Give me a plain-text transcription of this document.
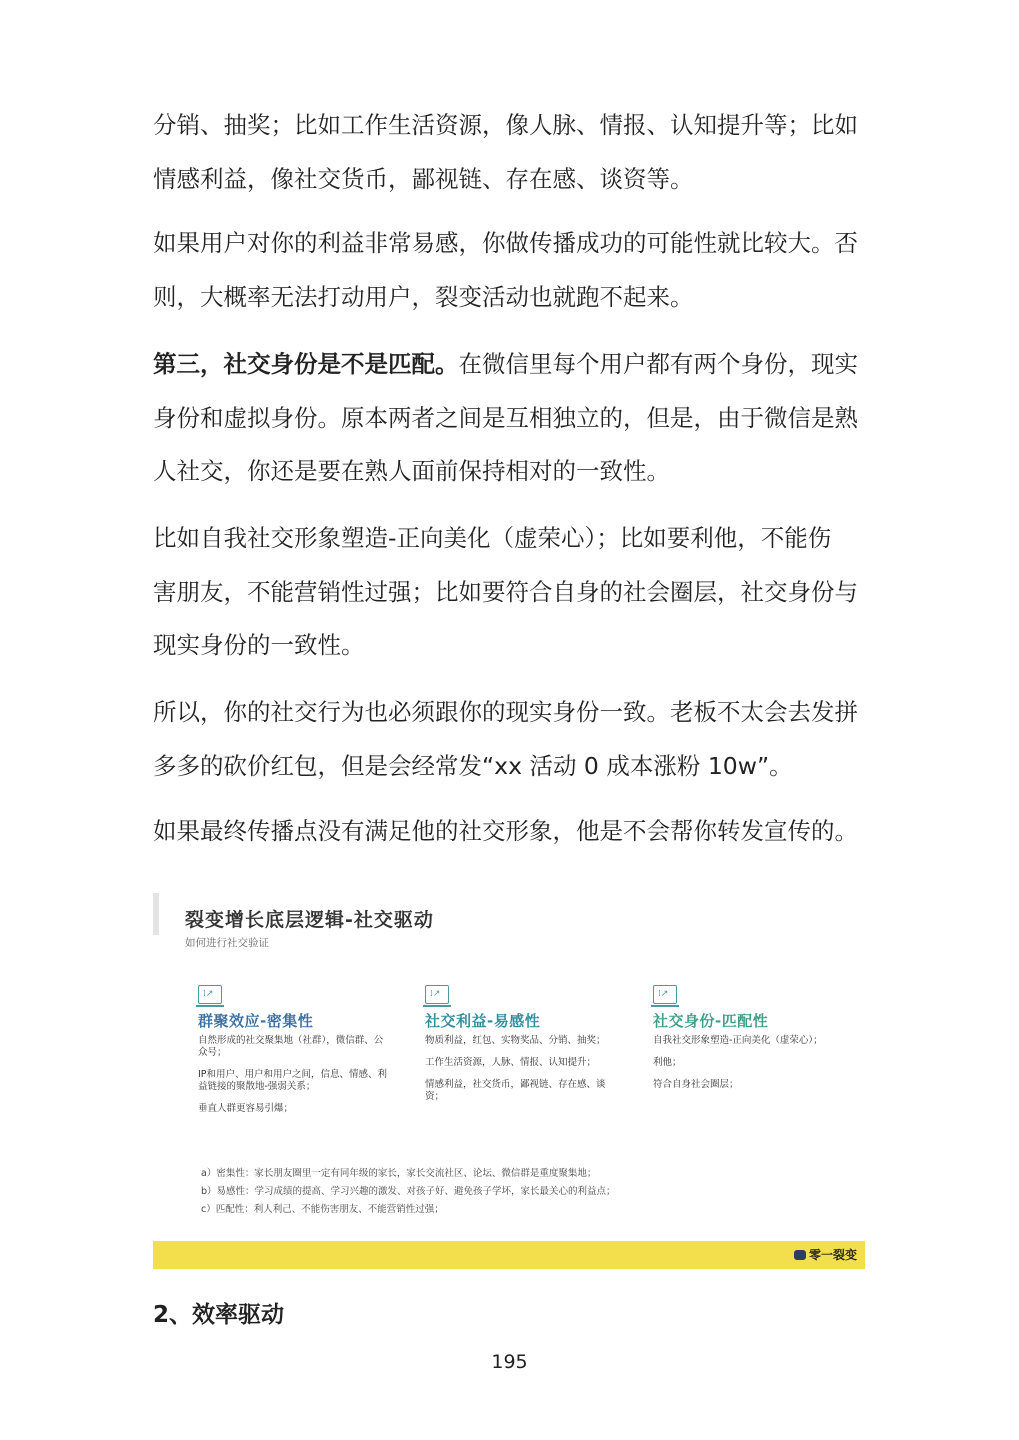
分销、抽奖；比如工作生活资源，像人脉、情报、认知提升等；比如
情感利益，像社交货币，鄙视链、存在感、谈资等。
如果用户对你的利益非常易感，你做传播成功的可能性就比较大。否
则，大概率无法打动用户，裂变活动也就跑不起来。
第三，社交身份是不是匹配。在微信里每个用户都有两个身份，现实
身份和虚拟身份。原本两者之间是互相独立的，但是，由于微信是熟
人社交，你还是要在熟人面前保持相对的一致性。
比如自我社交形象塑造-正向美化（虚荣心）；比如要利他，不能伤
害朋友，不能营销性过强；比如要符合自身的社会圈层，社交身份与
现实身份的一致性。
所以，你的社交行为也必须跟你的现实身份一致。老板不太会去发拼
多多的砍价红包，但是会经常发“xx 活动 0 成本涨粉 10w”。
如果最终传播点没有满足他的社交形象，他是不会帮你转发宣传的。
裂变增长底层逻辑-社交驱动
如何进行社交验证
⁞↗
群聚效应-密集性

自然形成的社交聚集地（社群），微信群、公众号；

IP和用户、用户和用户之间，信息、情感、利益链接的聚散地-强弱关系；

垂直人群更容易引爆；

⁞↗
社交利益-易感性

物质利益，红包、实物奖品、分销、抽奖；

工作生活资源，人脉、情报、认知提升；

情感利益，社交货币，鄙视链、存在感、谈资；

⁞↗
社交身份-匹配性

自我社交形象塑造-正向美化（虚荣心）；

利他；

符合自身社会圈层；

a）密集性：家长朋友圈里一定有同年级的家长，家长交流社区、论坛、微信群是重度聚集地；
b）易感性：学习成绩的提高、学习兴趣的激发、对孩子好、避免孩子学坏，家长最关心的利益点；
c）匹配性：利人利己、不能伤害朋友、不能营销性过强；
零一裂变
2、效率驱动
195
